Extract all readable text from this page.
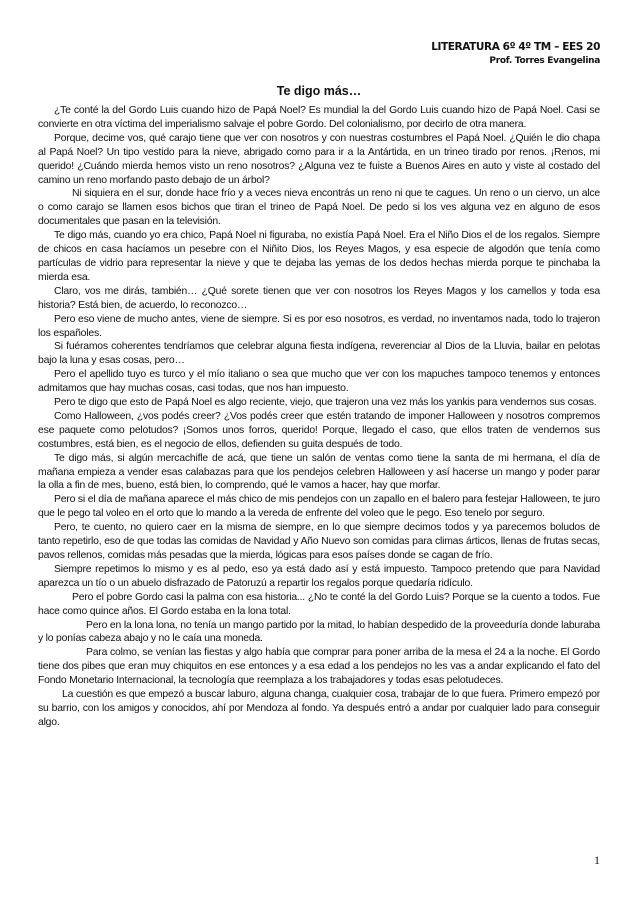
LITERATURA 6º 4º TM – EES 20
Prof. Torres Evangelina
Te digo más…

¿Te conté la del Gordo Luis cuando hizo de Papá Noel? Es mundial la del Gordo Luis cuando hizo de Papá Noel. Casi se convierte en otra víctima del imperialismo salvaje el pobre Gordo. Del colonialismo, por decirlo de otra manera.

Porque, decime vos, qué carajo tiene que ver con nosotros y con nuestras costumbres el Papá Noel. ¿Quién le dio chapa al Papá Noel? Un tipo vestido para la nieve, abrigado como para ir a la Antártida, en un trineo tirado por renos. ¡Renos, mi querido! ¿Cuándo mierda hemos visto un reno nosotros? ¿Alguna vez te fuiste a Buenos Aires en auto y viste al costado del camino un reno morfando pasto debajo de un árbol?

Ni siquiera en el sur, donde hace frío y a veces nieva encontrás un reno ni que te cagues. Un reno o un ciervo, un alce o como carajo se llamen esos bichos que tiran el trineo de Papá Noel. De pedo si los ves alguna vez en alguno de esos documentales que pasan en la televisión.

Te digo más, cuando yo era chico, Papá Noel ni figuraba, no existía Papá Noel. Era el Niño Dios el de los regalos. Siempre de chicos en casa hacíamos un pesebre con el Niñito Dios, los Reyes Magos, y esa especie de algodón que tenía como partículas de vidrio para representar la nieve y que te dejaba las yemas de los dedos hechas mierda porque te pinchaba la mierda esa.

Claro, vos me dirás, también… ¿Qué sorete tienen que ver con nosotros los Reyes Magos y los camellos y toda esa historia? Está bien, de acuerdo, lo reconozco…

Pero eso viene de mucho antes, viene de siempre. Si es por eso nosotros, es verdad, no inventamos nada, todo lo trajeron los españoles.

Si fuéramos coherentes tendríamos que celebrar alguna fiesta indígena, reverenciar al Dios de la Lluvia, bailar en pelotas bajo la luna y esas cosas, pero…

Pero el apellido tuyo es turco y el mío italiano o sea que mucho que ver con los mapuches tampoco tenemos y entonces admitamos que hay muchas cosas, casi todas, que nos han impuesto.

Pero te digo que esto de Papá Noel es algo reciente, viejo, que trajeron una vez más los yankis para vendernos sus cosas.

Como Halloween, ¿vos podés creer? ¿Vos podés creer que estén tratando de imponer Halloween y nosotros compremos ese paquete como pelotudos? ¡Somos unos forros, querido! Porque, llegado el caso, que ellos traten de vendernos sus costumbres, está bien, es el negocio de ellos, defienden su guita después de todo.

Te digo más, si algún mercachifle de acá, que tiene un salón de ventas como tiene la santa de mi hermana, el día de mañana empieza a vender esas calabazas para que los pendejos celebren Halloween y así hacerse un mango y poder parar la olla a fin de mes, bueno, está bien, lo comprendo, qué le vamos a hacer, hay que morfar.

Pero si el día de mañana aparece el más chico de mis pendejos con un zapallo en el balero para festejar Halloween, te juro que le pego tal voleo en el orto que lo mando a la vereda de enfrente del voleo que le pego. Eso tenelo por seguro.

Pero, te cuento, no quiero caer en la misma de siempre, en lo que siempre decimos todos y ya parecemos boludos de tanto repetirlo, eso de que todas las comidas de Navidad y Año Nuevo son comidas para climas árticos, llenas de frutas secas, pavos rellenos, comidas más pesadas que la mierda, lógicas para esos países donde se cagan de frío.

Siempre repetimos lo mismo y es al pedo, eso ya está dado así y está impuesto. Tampoco pretendo que para Navidad aparezca un tío o un abuelo disfrazado de Patoruzú a repartir los regalos porque quedaría ridículo.

Pero el pobre Gordo casi la palma con esa historia... ¿No te conté la del Gordo Luis? Porque se la cuento a todos. Fue hace como quince años. El Gordo estaba en la lona total.

Pero en la lona lona, no tenía un mango partido por la mitad, lo habían despedido de la proveeduría donde laburaba y lo ponías cabeza abajo y no le caía una moneda.

Para colmo, se venían las fiestas y algo había que comprar para poner arriba de la mesa el 24 a la noche. El Gordo tiene dos pibes que eran muy chiquitos en ese entonces y a esa edad a los pendejos no les vas a andar explicando el fato del Fondo Monetario Internacional, la tecnología que reemplaza a los trabajadores y todas esas pelotudeces.

La cuestión es que empezó a buscar laburo, alguna changa, cualquier cosa, trabajar de lo que fuera. Primero empezó por su barrio, con los amigos y conocidos, ahí por Mendoza al fondo. Ya después entró a andar por cualquier lado para conseguir algo.

1
